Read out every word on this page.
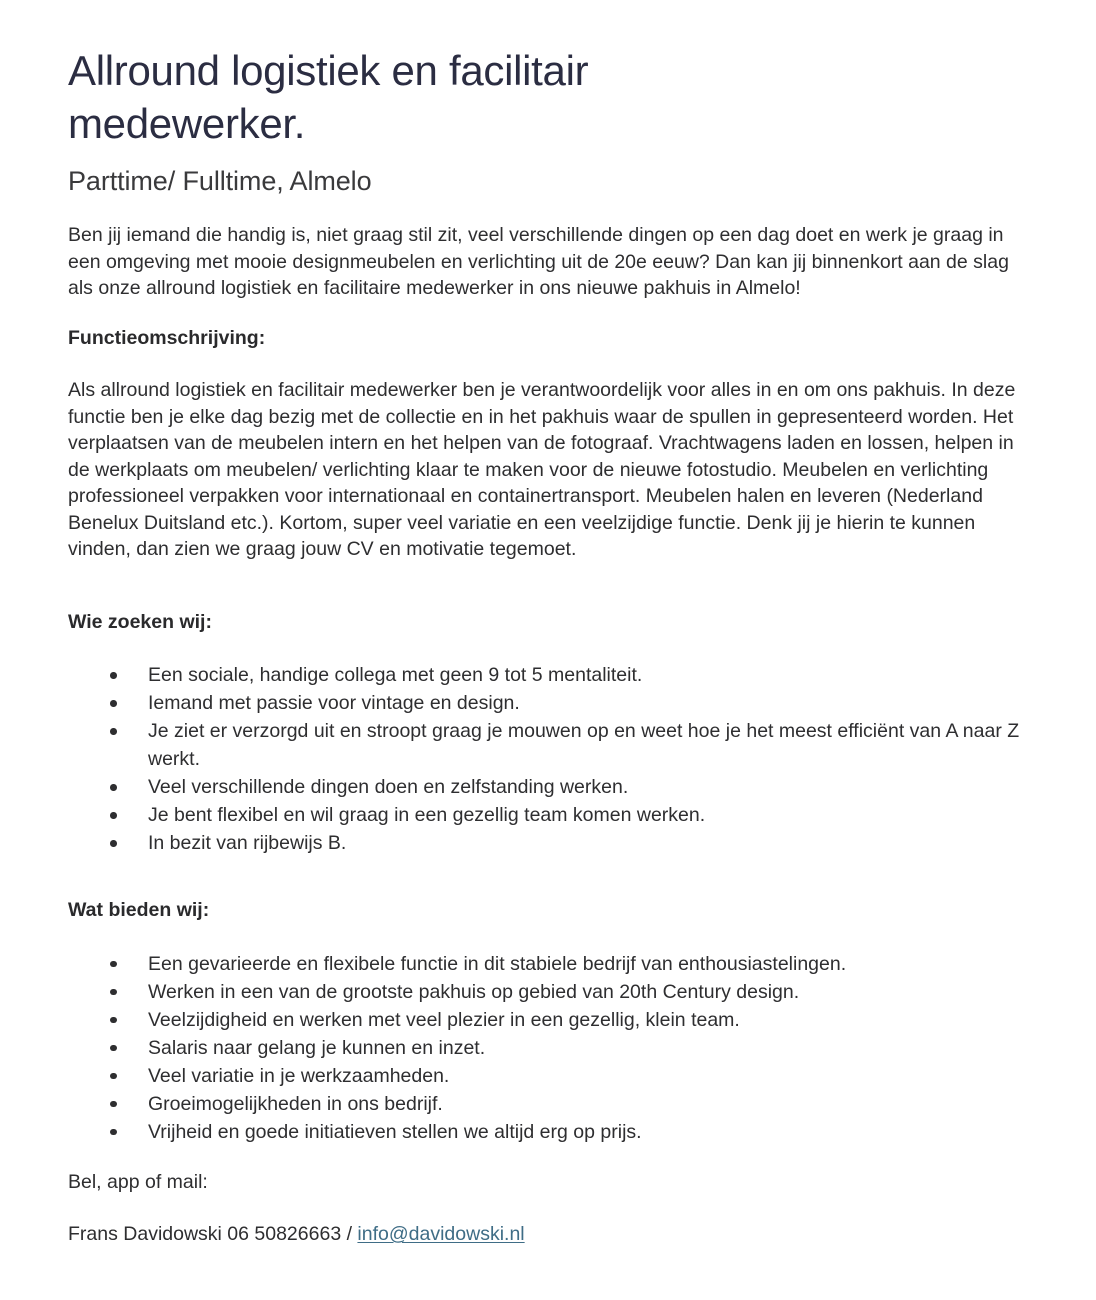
Allround logistiek en facilitair medewerker.
Parttime/ Fulltime, Almelo

Ben jij iemand die handig is, niet graag stil zit, veel verschillende dingen op een dag doet en werk je graag in een omgeving met mooie designmeubelen en verlichting uit de 20e eeuw? Dan kan jij binnenkort aan de slag als onze allround logistiek en facilitaire medewerker in ons nieuwe pakhuis in Almelo!

Functieomschrijving:

Als allround logistiek en facilitair medewerker ben je verantwoordelijk voor alles in en om ons pakhuis. In deze functie ben je elke dag bezig met de collectie en in het pakhuis waar de spullen in gepresenteerd worden. Het verplaatsen van de meubelen intern en het helpen van de fotograaf. Vrachtwagens laden en lossen, helpen in de werkplaats om meubelen/ verlichting klaar te maken voor de nieuwe fotostudio. Meubelen en verlichting professioneel verpakken voor internationaal en containertransport. Meubelen halen en leveren (Nederland Benelux Duitsland etc.). Kortom, super veel variatie en een veelzijdige functie. Denk jij je hierin te kunnen vinden, dan zien we graag jouw CV en motivatie tegemoet.

Wie zoeken wij:

Een sociale, handige collega met geen 9 tot 5 mentaliteit.
Iemand met passie voor vintage en design.
Je ziet er verzorgd uit en stroopt graag je mouwen op en weet hoe je het meest efficiënt van A naar Z werkt.
Veel verschillende dingen doen en zelfstanding werken.
Je bent flexibel en wil graag in een gezellig team komen werken.
In bezit van rijbewijs B.

Wat bieden wij:

Een gevarieerde en flexibele functie in dit stabiele bedrijf van enthousiastelingen.
Werken in een van de grootste pakhuis op gebied van 20th Century design.
Veelzijdigheid en werken met veel plezier in een gezellig, klein team.
Salaris naar gelang je kunnen en inzet.
Veel variatie in je werkzaamheden.
Groeimogelijkheden in ons bedrijf.
Vrijheid en goede initiatieven stellen we altijd erg op prijs.

Bel, app of mail:

Frans Davidowski 06 50826663 / info@davidowski.nl
